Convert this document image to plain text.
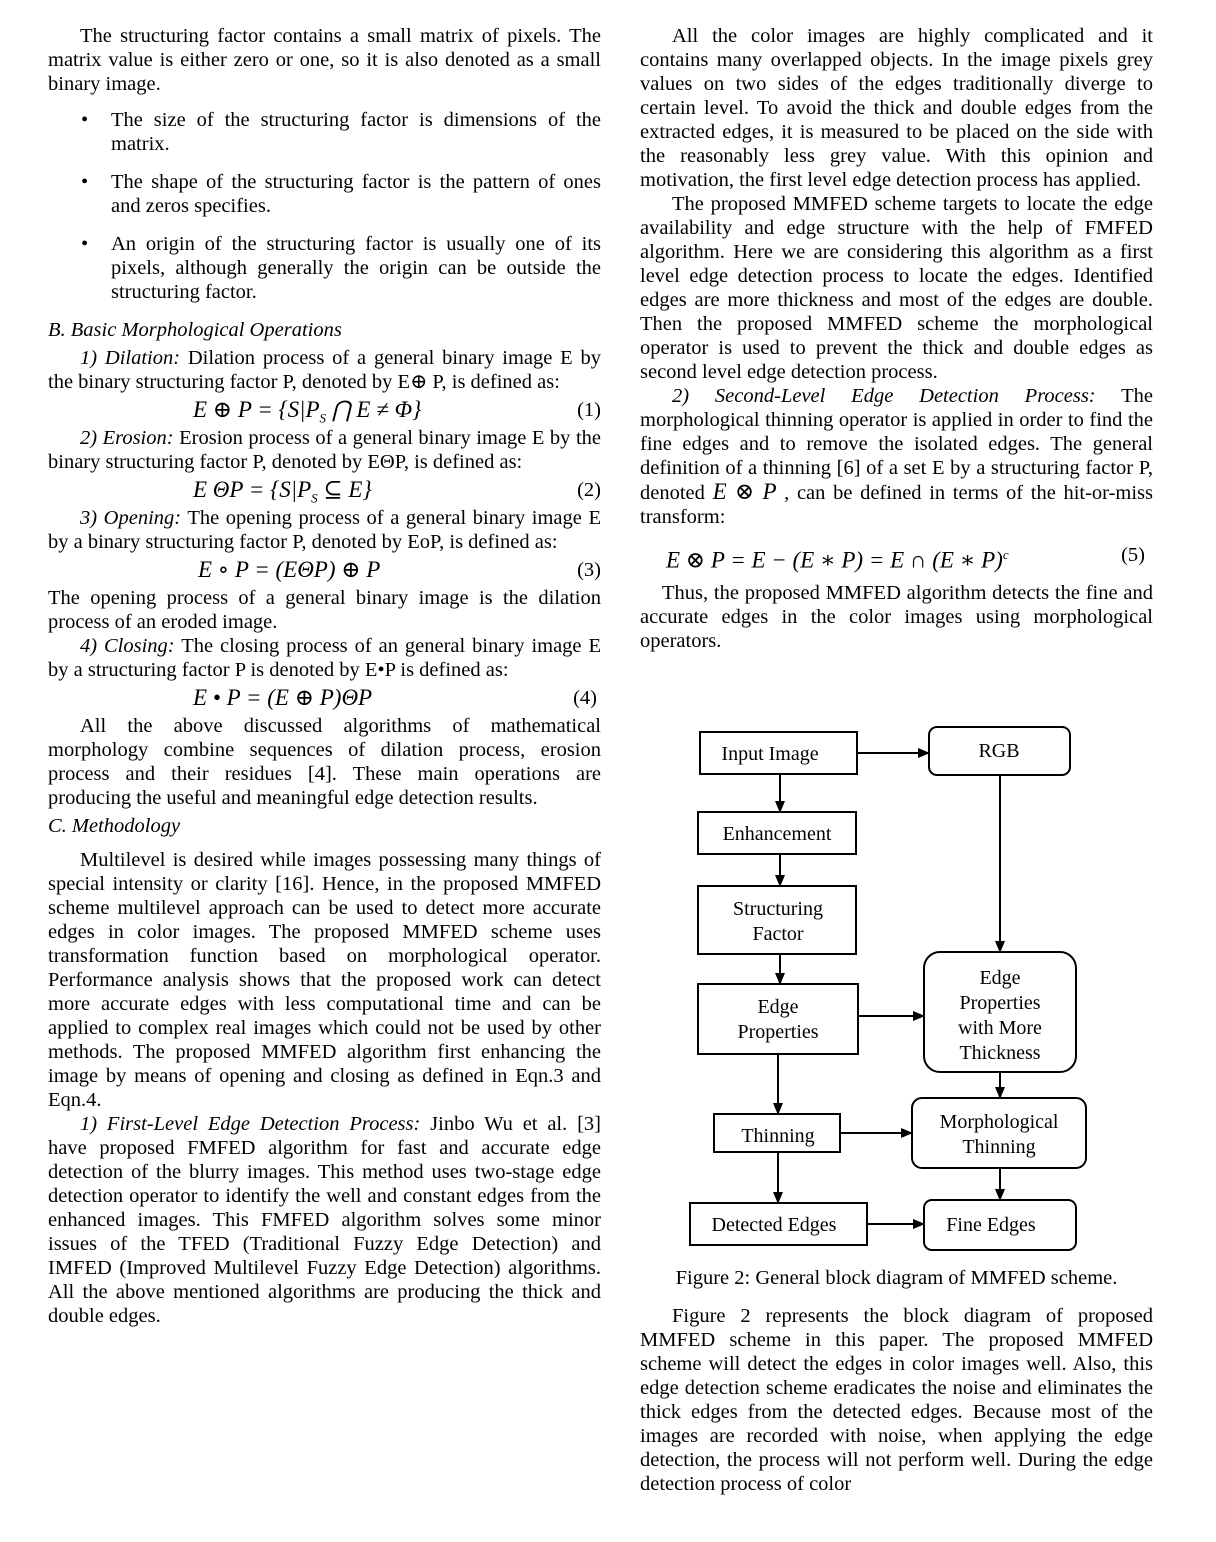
The structuring factor contains a small matrix of pixels. The matrix value is either zero or one, so it is also denoted as a small binary image.

• The size of the structuring factor is dimensions of the matrix.
• The shape of the structuring factor is the pattern of ones and zeros specifies.
• An origin of the structuring factor is usually one of its pixels, although generally the origin can be outside the structuring factor.

B. Basic Morphological Operations

1) Dilation: Dilation process of a general binary image E by the binary structuring factor P, denoted by E⊕ P, is defined as:

E ⊕ $P = \{S|P_S$ ⋂ E ≠ Φ}	(1)

2) Erosion: Erosion process of a general binary image E by the binary structuring factor P, denoted by EΘP, is defined as:

E $\Theta P = \{S|P_S$ ⊆ E}	(2)

3) Opening: The opening process of a general binary image E by a binary structuring factor P, denoted by EoP, is defined as:

E ∘ P = (EΘP) ⊕ P	(3)

The opening process of a general binary image is the dilation process of an eroded image.

4) Closing: The closing process of an general binary image E by a structuring factor P is denoted by E•P is defined as:

E • P = (E ⊕ P)ΘP	(4)

All the above discussed algorithms of mathematical morphology combine sequences of dilation process, erosion process and their residues [4]. These main operations are producing the useful and meaningful edge detection results.

C. Methodology

Multilevel is desired while images possessing many things of special intensity or clarity [16]. Hence, in the proposed MMFED scheme multilevel approach can be used to detect more accurate edges in color images. The proposed MMFED scheme uses transformation function based on morphological operator. Performance analysis shows that the proposed work can detect more accurate edges with less computational time and can be applied to complex real images which could not be used by other methods. The proposed MMFED algorithm first enhancing the image by means of opening and closing as defined in Eqn.3 and Eqn.4.

1) First-Level Edge Detection Process: Jinbo Wu et al. [3] have proposed FMFED algorithm for fast and accurate edge detection of the blurry images. This method uses two-stage edge detection operator to identify the well and constant edges from the enhanced images. This FMFED algorithm solves some minor issues of the TFED (Traditional Fuzzy Edge Detection) and IMFED (Improved Multilevel Fuzzy Edge Detection) algorithms. All the above mentioned algorithms are producing the thick and double edges.

All the color images are highly complicated and it contains many overlapped objects. In the image pixels grey values on two sides of the edges traditionally diverge to certain level. To avoid the thick and double edges from the extracted edges, it is measured to be placed on the side with the reasonably less grey value. With this opinion and motivation, the first level edge detection process has applied.

The proposed MMFED scheme targets to locate the edge availability and edge structure with the help of FMFED algorithm. Here we are considering this algorithm as a first level edge detection process to locate the edges. Identified edges are more thickness and most of the edges are double. Then the proposed MMFED scheme the morphological operator is used to prevent the thick and double edges as second level edge detection process.

2) Second-Level Edge Detection Process: The morphological thinning operator is applied in order to find the fine edges and to remove the isolated edges. The general definition of a thinning [6] of a set E by a structuring factor P, denoted E ⊗ P , can be defined in terms of the hit-or-miss transform:

E ⊗ P = E − (E ∗ P) = E ∩ (E ∗ P)$^c$	(5)

Thus, the proposed MMFED algorithm detects the fine and accurate edges in the color images using morphological operators.

Input Image	RGB
Enhancement
Structuring
Factor
Edge
Properties
Edge
Properties
with More
Thickness
Thinning
Morphological
Thinning
Detected Edges	Fine Edges

Figure 2: General block diagram of MMFED scheme.

Figure 2 represents the block diagram of proposed MMFED scheme in this paper. The proposed MMFED scheme will detect the edges in color images well. Also, this edge detection scheme eradicates the noise and eliminates the thick edges from the detected edges. Because most of the images are recorded with noise, when applying the edge detection, the process will not perform well. During the edge detection process of color
